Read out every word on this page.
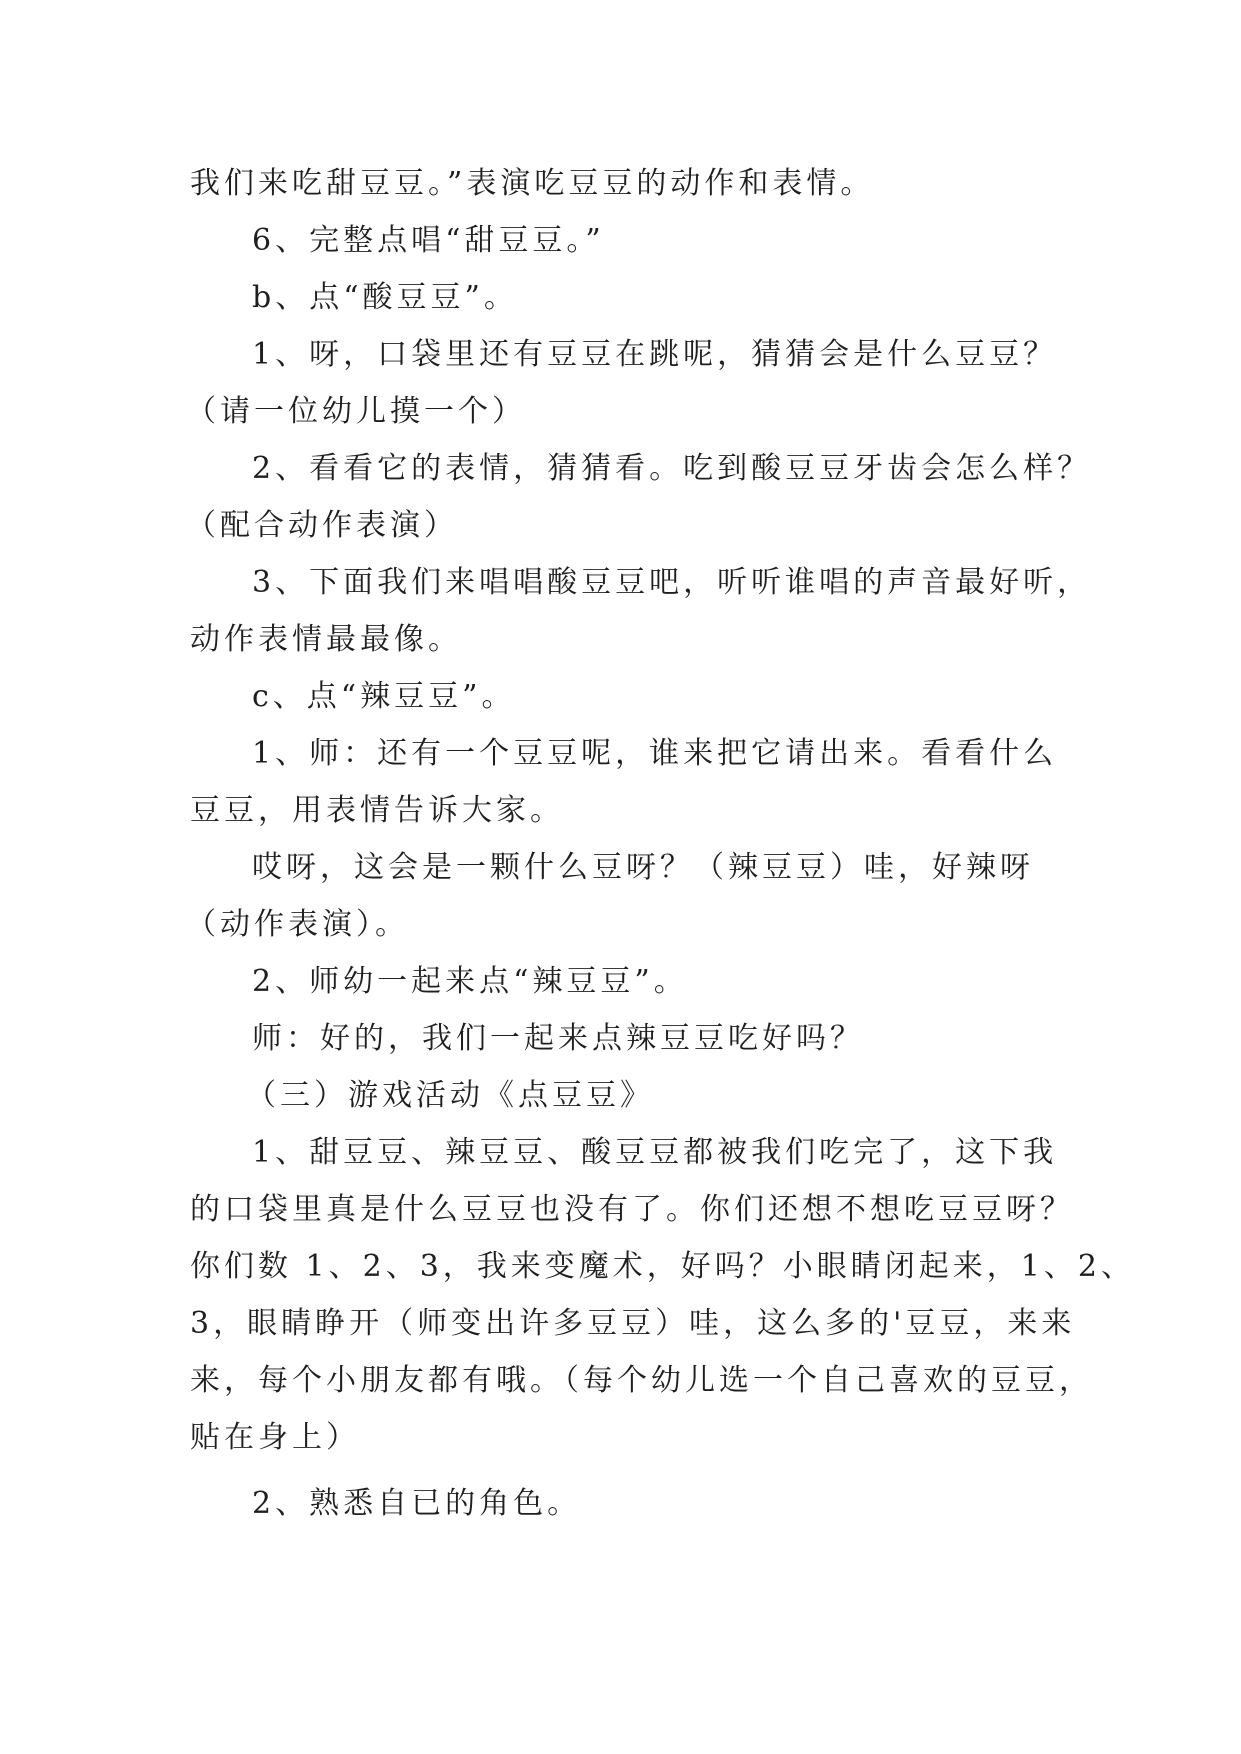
我们来吃甜豆豆。”表演吃豆豆的动作和表情。
6、完整点唱“甜豆豆。”
b、点“酸豆豆”。
1、呀，口袋里还有豆豆在跳呢，猜猜会是什么豆豆？
（请一位幼儿摸一个）
2、看看它的表情，猜猜看。吃到酸豆豆牙齿会怎么样？
（配合动作表演）
3、下面我们来唱唱酸豆豆吧，听听谁唱的声音最好听，
动作表情最最像。
c、点“辣豆豆”。
1、师：还有一个豆豆呢，谁来把它请出来。看看什么
豆豆，用表情告诉大家。
哎呀，这会是一颗什么豆呀？（辣豆豆）哇，好辣呀
（动作表演）。
2、师幼一起来点“辣豆豆”。
师：好的，我们一起来点辣豆豆吃好吗？
（三）游戏活动《点豆豆》
1、甜豆豆、辣豆豆、酸豆豆都被我们吃完了，这下我
的口袋里真是什么豆豆也没有了。你们还想不想吃豆豆呀？
你们数 1、2、3，我来变魔术，好吗？小眼睛闭起来，1、2、
3，眼睛睁开（师变出许多豆豆）哇，这么多的'豆豆，来来
来，每个小朋友都有哦。（每个幼儿选一个自己喜欢的豆豆，
贴在身上）
2、熟悉自已的角色。
